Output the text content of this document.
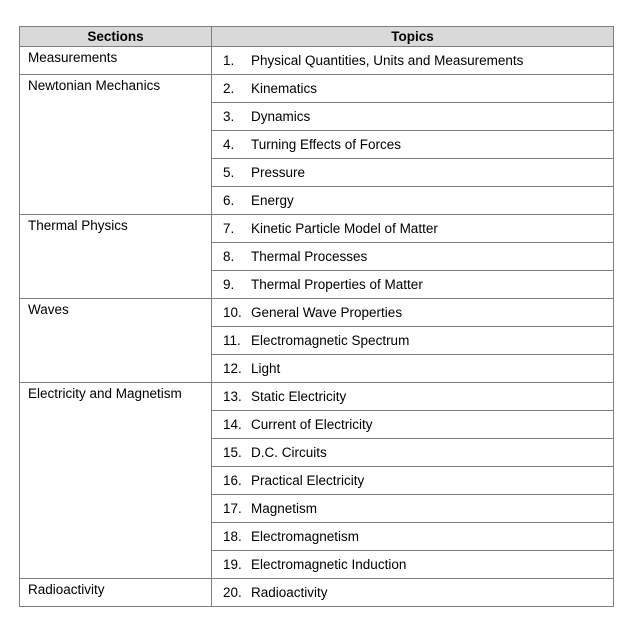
Sections	Topics
Measurements	1. Physical Quantities, Units and Measurements
Newtonian Mechanics	2. Kinematics
	3. Dynamics
	4. Turning Effects of Forces
	5. Pressure
	6. Energy
Thermal Physics	7. Kinetic Particle Model of Matter
	8. Thermal Processes
	9. Thermal Properties of Matter
Waves	10. General Wave Properties
	11. Electromagnetic Spectrum
	12. Light
Electricity and Magnetism	13. Static Electricity
	14. Current of Electricity
	15. D.C. Circuits
	16. Practical Electricity
	17. Magnetism
	18. Electromagnetism
	19. Electromagnetic Induction
Radioactivity	20. Radioactivity
